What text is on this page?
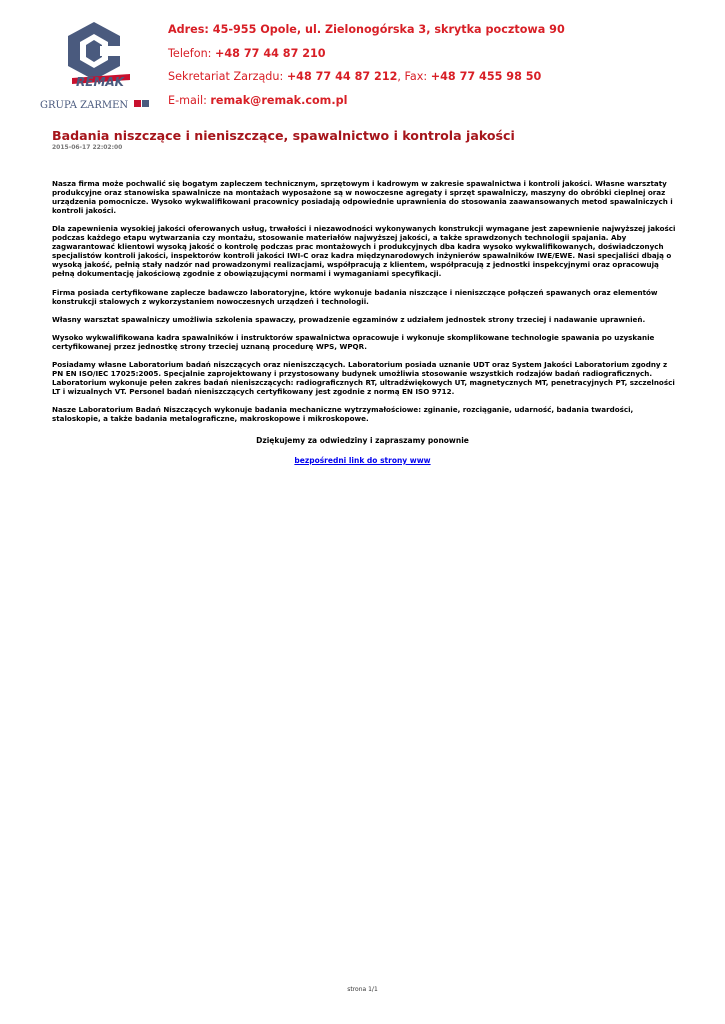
REMAK
GRUPA ZARMEN
Adres: 45-955 Opole, ul. Zielonogórska 3, skrytka pocztowa 90
Telefon: +48 77 44 87 210
Sekretariat Zarządu: +48 77 44 87 212, Fax: +48 77 455 98 50
E-mail: remak@remak.com.pl
Badania niszczące i nieniszczące, spawalnictwo i kontrola jakości
2015-06-17 22:02:00

Nasza firma może pochwalić się bogatym zapleczem technicznym, sprzętowym i kadrowym w zakresie spawalnictwa i kontroli jakości. Własne warsztaty produkcyjne oraz stanowiska spawalnicze na montażach wyposażone są w nowoczesne agregaty i sprzęt spawalniczy, maszyny do obróbki cieplnej oraz urządzenia pomocnicze. Wysoko wykwalifikowani pracownicy posiadają odpowiednie uprawnienia do stosowania zaawansowanych metod spawalniczych i kontroli jakości.

Dla zapewnienia wysokiej jakości oferowanych usług, trwałości i niezawodności wykonywanych konstrukcji wymagane jest zapewnienie najwyższej jakości podczas każdego etapu wytwarzania czy montażu, stosowanie materiałów najwyższej jakości, a także sprawdzonych technologii spajania. Aby zagwarantować klientowi wysoką jakość o kontrolę podczas prac montażowych i produkcyjnych dba kadra wysoko wykwalifikowanych, doświadczonych specjalistów kontroli jakości, inspektorów kontroli jakości IWI-C oraz kadra międzynarodowych inżynierów spawalników IWE/EWE. Nasi specjaliści dbają o wysoką jakość, pełnią stały nadzór nad prowadzonymi realizacjami, współpracują z klientem, współpracują z jednostki inspekcyjnymi oraz opracowują pełną dokumentację jakościową zgodnie z obowiązującymi normami i wymaganiami specyfikacji.

Firma posiada certyfikowane zaplecze badawczo laboratoryjne, które wykonuje badania niszczące i nieniszczące połączeń spawanych oraz elementów konstrukcji stalowych z wykorzystaniem nowoczesnych urządzeń i technologii.

Własny warsztat spawalniczy umożliwia szkolenia spawaczy, prowadzenie egzaminów z udziałem jednostek strony trzeciej i nadawanie uprawnień.

Wysoko wykwalifikowana kadra spawalników i instruktorów spawalnictwa opracowuje i wykonuje skomplikowane technologie spawania po uzyskanie certyfikowanej przez jednostkę strony trzeciej uznaną procedurę WPS, WPQR.

Posiadamy własne Laboratorium badań niszczących oraz nieniszczących. Laboratorium posiada uznanie UDT oraz System Jakości Laboratorium zgodny z PN EN ISO/IEC 17025:2005. Specjalnie zaprojektowany i przystosowany budynek umożliwia stosowanie wszystkich rodzajów badań radiograficznych. Laboratorium wykonuje pełen zakres badań nieniszczących: radiograficznych RT, ultradźwiękowych UT, magnetycznych MT, penetracyjnych PT, szczelności LT i wizualnych VT. Personel badań nieniszczących certyfikowany jest zgodnie z normą EN ISO 9712.

Nasze Laboratorium Badań Niszczących wykonuje badania mechaniczne wytrzymałościowe: zginanie, rozciąganie, udarność, badania twardości, staloskopie, a także badania metalograficzne, makroskopowe i mikroskopowe.

Dziękujemy za odwiedziny i zapraszamy ponownie
bezpośredni link do strony www
strona 1/1
